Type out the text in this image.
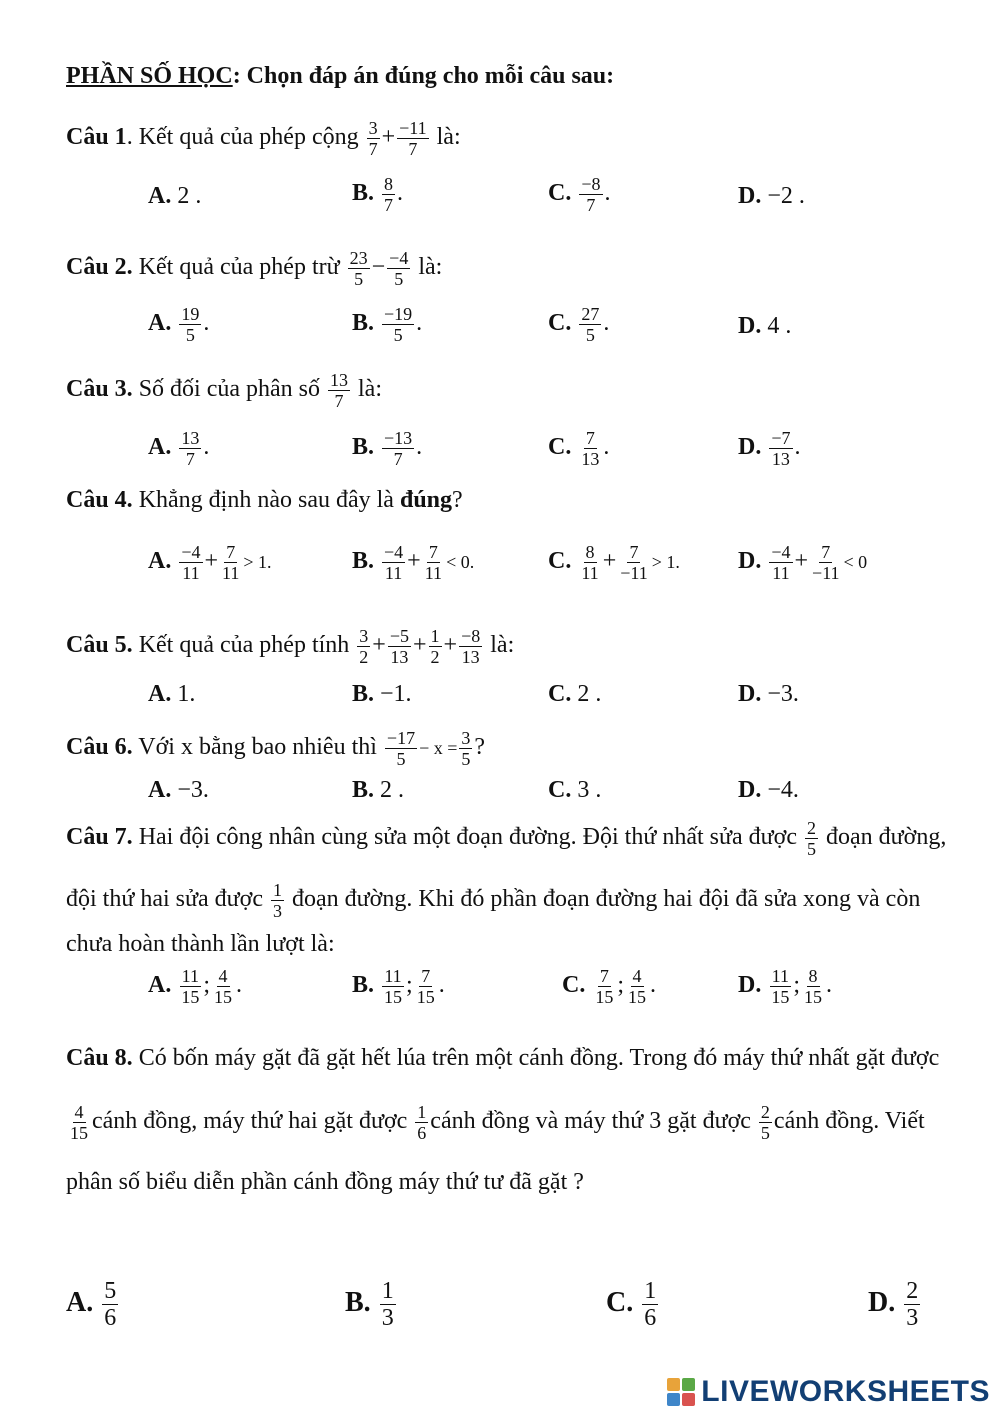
PHẦN SỐ HỌC: Chọn đáp án đúng cho mỗi câu sau:
Câu 1. Kết quả của phép cộng $\frac{3}{7} + \frac{-11}{7}$ là:
A. 2 .	B. $\frac{8}{7}$ .	C. $\frac{-8}{7}$ .	D. −2 .
Câu 2. Kết quả của phép trừ $\frac{23}{5} - \frac{-4}{5}$ là:
A. $\frac{19}{5}$ .	B. $\frac{-19}{5}$ .	C. $\frac{27}{5}$ .	D. 4 .
Câu 3. Số đối của phân số $\frac{13}{7}$ là:
A. $\frac{13}{7}$ .	B. $\frac{-13}{7}$ .	C. $\frac{7}{13}$ .	D. $\frac{-7}{13}$ .
Câu 4. Khẳng định nào sau đây là đúng?
A. $\frac{-4}{11} + \frac{7}{11} > 1$.	B. $\frac{-4}{11} + \frac{7}{11} < 0$.	C. $\frac{8}{11} + \frac{7}{-11} > 1$. D. $\frac{-4}{11} + \frac{7}{-11} < 0$
Câu 5. Kết quả của phép tính $\frac{3}{2} + \frac{-5}{13} + \frac{1}{2} + \frac{-8}{13}$ là:
A. 1.	B. −1.	C. 2 .	D. −3.
Câu 6. Với x bằng bao nhiêu thì $\frac{-17}{5} - x = \frac{3}{5}$ ?
A. −3.	B. 2 .	C. 3 .	D. −4.
Câu 7. Hai đội công nhân cùng sửa một đoạn đường. Đội thứ nhất sửa được $\frac{2}{5}$ đoạn đường,
đội thứ hai sửa được $\frac{1}{3}$ đoạn đường. Khi đó phần đoạn đường hai đội đã sửa xong và còn
chưa hoàn thành lần lượt là:
A. $\frac{11}{15}$ ; $\frac{4}{15}$ .	B. $\frac{11}{15}$ ; $\frac{7}{15}$ .	C. $\frac{7}{15}$ ; $\frac{4}{15}$ .	D. $\frac{11}{15}$ ; $\frac{8}{15}$ .
Câu 8. Có bốn máy gặt đã gặt hết lúa trên một cánh đồng. Trong đó máy thứ nhất gặt được
$\frac{4}{15}$ cánh đồng, máy thứ hai gặt được $\frac{1}{6}$ cánh đồng và máy thứ 3 gặt được $\frac{2}{5}$ cánh đồng. Viết
phân số biểu diễn phần cánh đồng máy thứ tư đã gặt ?
A. $\frac{5}{6}$	B. $\frac{1}{3}$	C. $\frac{1}{6}$	D. $\frac{2}{3}$
LIVEWORKSHEETS
